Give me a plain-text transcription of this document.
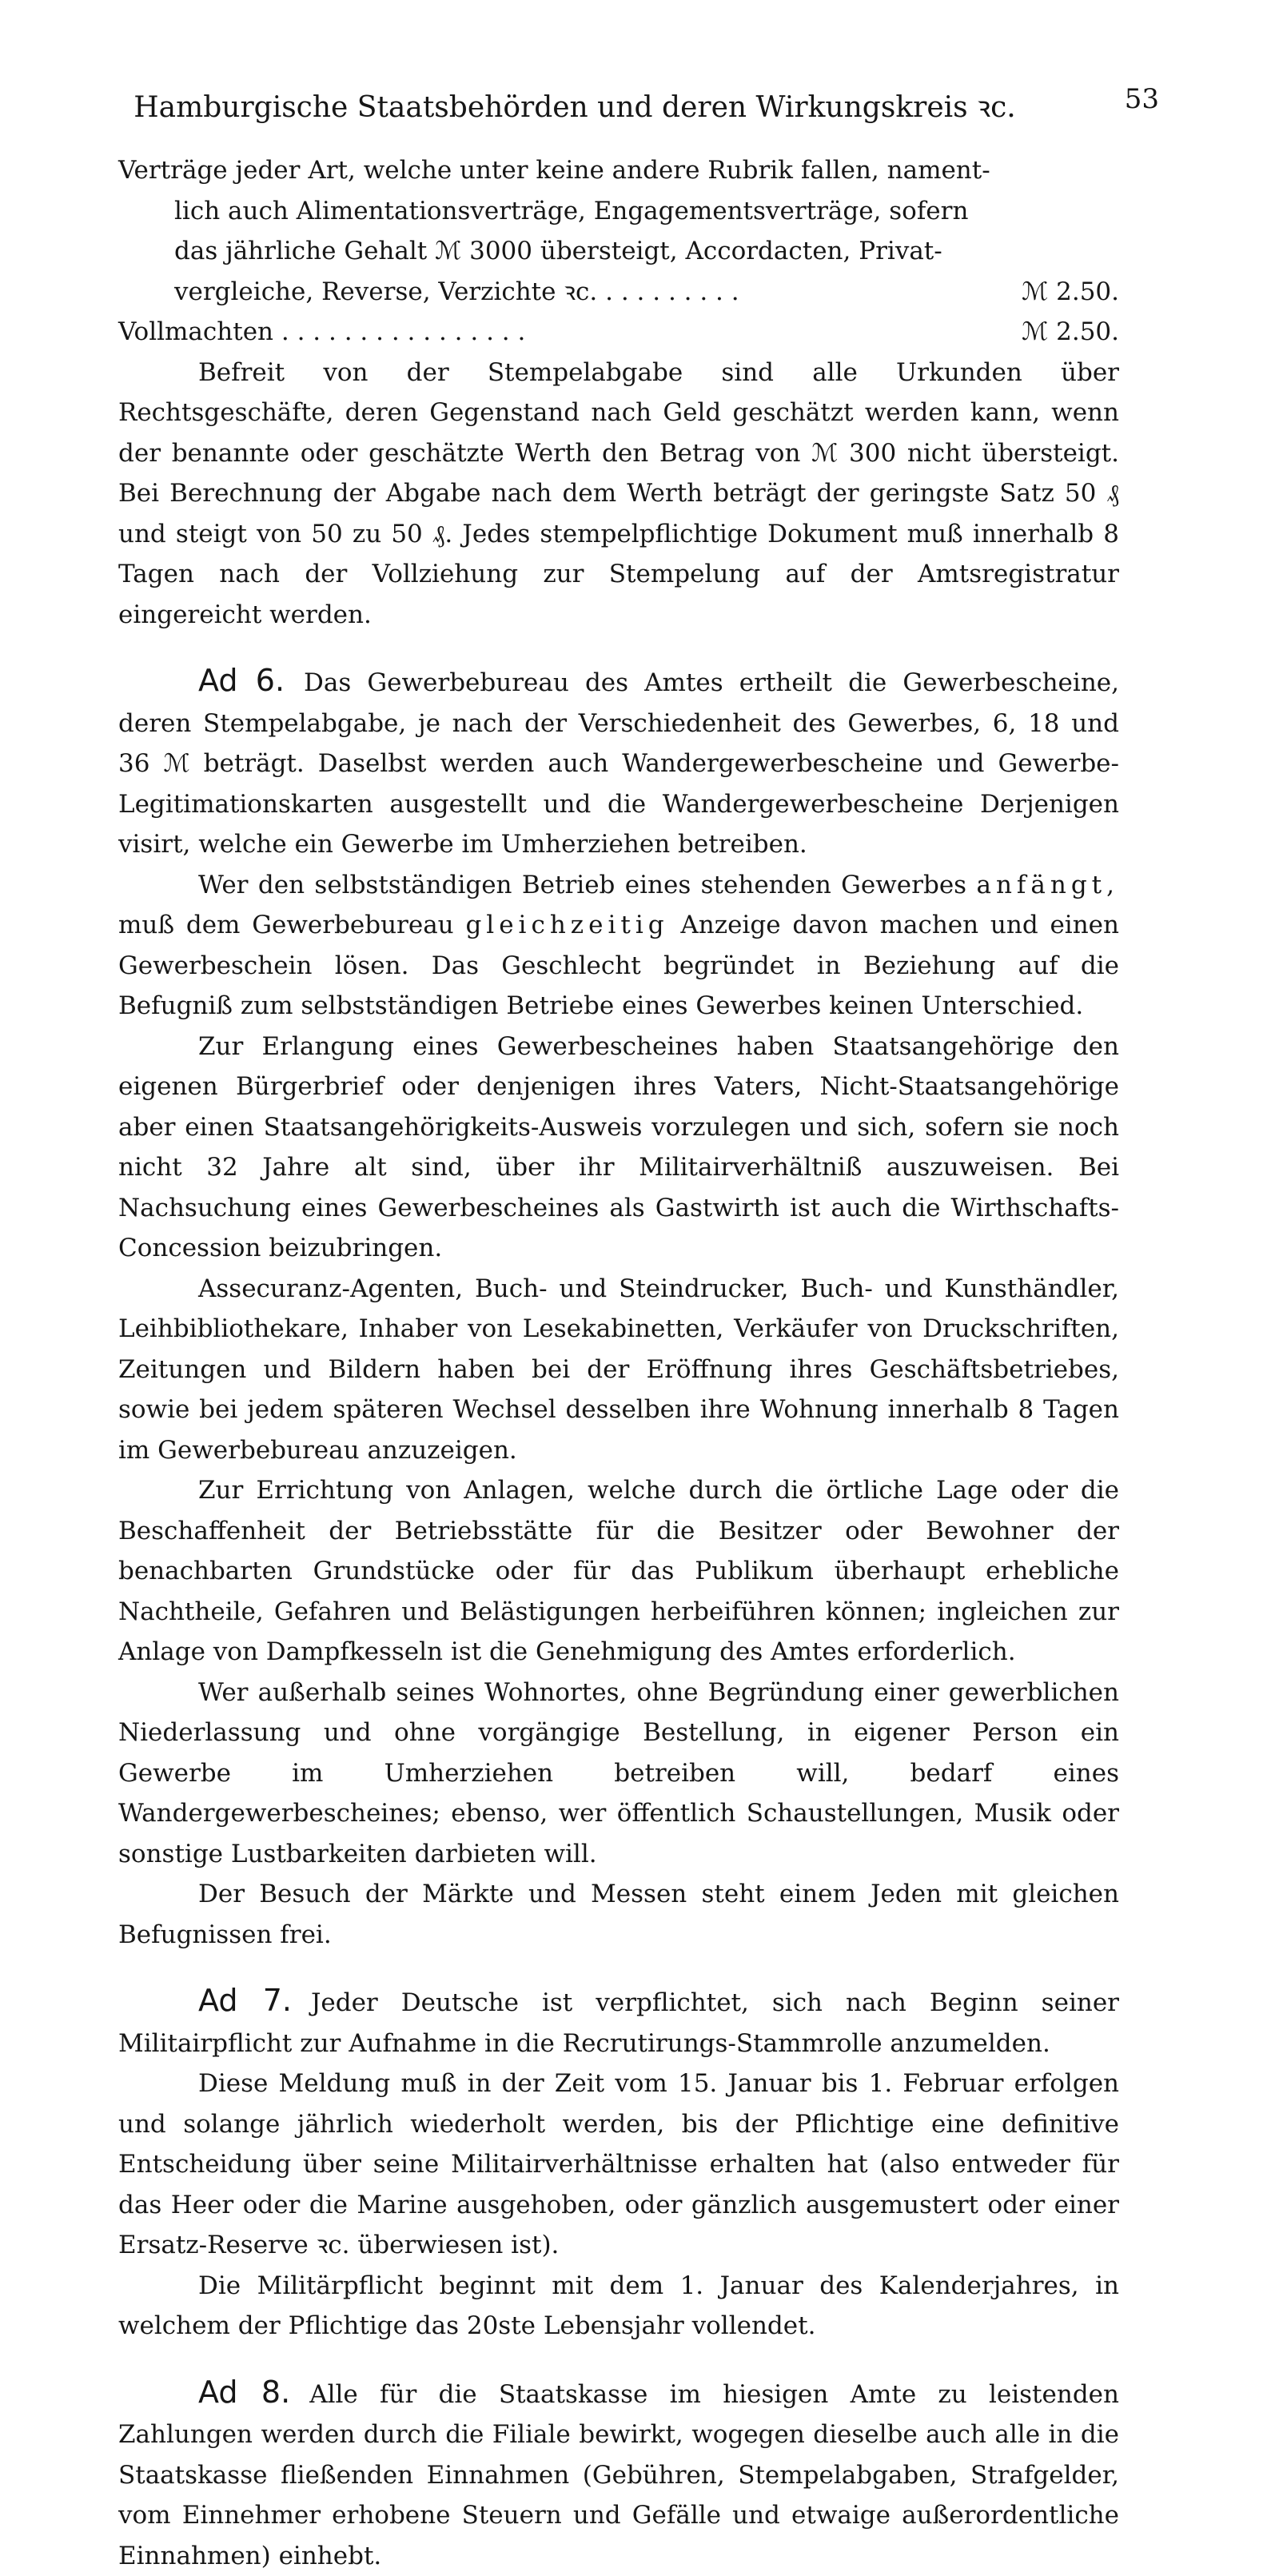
Hamburgische Staatsbehörden und deren Wirkungskreis ꝛc.	53
Verträge jeder Art, welche unter keine andere Rubrik fallen, nament-
lich auch Alimentationsverträge, Engagementsverträge, sofern
das jährliche Gehalt ℳ 3000 übersteigt, Accordacten, Privat-
vergleiche, Reverse, Verzichte ꝛc. . . . . . . . . .	ℳ 2.50.
Vollmachten . . . . . . . . . . . . . . . .	ℳ 2.50.

Befreit von der Stempelabgabe sind alle Urkunden über Rechtsgeschäfte, deren Gegenstand nach Geld geschätzt werden kann, wenn der benannte oder geschätzte Werth den Betrag von ℳ 300 nicht übersteigt. Bei Berechnung der Abgabe nach dem Werth beträgt der geringste Satz 50 ₰ und steigt von 50 zu 50 ₰. Jedes stempelpflichtige Dokument muß innerhalb 8 Tagen nach der Vollziehung zur Stempelung auf der Amtsregistratur eingereicht werden.

Ad 6. Das Gewerbebureau des Amtes ertheilt die Gewerbescheine, deren Stempelabgabe, je nach der Verschiedenheit des Gewerbes, 6, 18 und 36 ℳ beträgt. Daselbst werden auch Wandergewerbescheine und Gewerbe-Legitimationskarten ausgestellt und die Wandergewerbescheine Derjenigen visirt, welche ein Gewerbe im Umherziehen betreiben.

Wer den selbstständigen Betrieb eines stehenden Gewerbes anfängt, muß dem Gewerbebureau gleichzeitig Anzeige davon machen und einen Gewerbeschein lösen. Das Geschlecht begründet in Beziehung auf die Befugniß zum selbstständigen Betriebe eines Gewerbes keinen Unterschied.

Zur Erlangung eines Gewerbescheines haben Staatsangehörige den eigenen Bürgerbrief oder denjenigen ihres Vaters, Nicht-Staatsangehörige aber einen Staatsangehörigkeits-Ausweis vorzulegen und sich, sofern sie noch nicht 32 Jahre alt sind, über ihr Militairverhältniß auszuweisen. Bei Nachsuchung eines Gewerbescheines als Gastwirth ist auch die Wirthschafts-Concession beizubringen.

Assecuranz-Agenten, Buch- und Steindrucker, Buch- und Kunsthändler, Leihbibliothekare, Inhaber von Lesekabinetten, Verkäufer von Druckschriften, Zeitungen und Bildern haben bei der Eröffnung ihres Geschäftsbetriebes, sowie bei jedem späteren Wechsel desselben ihre Wohnung innerhalb 8 Tagen im Gewerbebureau anzuzeigen.

Zur Errichtung von Anlagen, welche durch die örtliche Lage oder die Beschaffenheit der Betriebsstätte für die Besitzer oder Bewohner der benachbarten Grundstücke oder für das Publikum überhaupt erhebliche Nachtheile, Gefahren und Belästigungen herbeiführen können; ingleichen zur Anlage von Dampfkesseln ist die Genehmigung des Amtes erforderlich.

Wer außerhalb seines Wohnortes, ohne Begründung einer gewerblichen Niederlassung und ohne vorgängige Bestellung, in eigener Person ein Gewerbe im Umherziehen betreiben will, bedarf eines Wandergewerbescheines; ebenso, wer öffentlich Schaustellungen, Musik oder sonstige Lustbarkeiten darbieten will.

Der Besuch der Märkte und Messen steht einem Jeden mit gleichen Befugnissen frei.

Ad 7. Jeder Deutsche ist verpflichtet, sich nach Beginn seiner Militairpflicht zur Aufnahme in die Recrutirungs-Stammrolle anzumelden.

Diese Meldung muß in der Zeit vom 15. Januar bis 1. Februar erfolgen und solange jährlich wiederholt werden, bis der Pflichtige eine definitive Entscheidung über seine Militairverhältnisse erhalten hat (also entweder für das Heer oder die Marine ausgehoben, oder gänzlich ausgemustert oder einer Ersatz-Reserve ꝛc. überwiesen ist).

Die Militärpflicht beginnt mit dem 1. Januar des Kalenderjahres, in welchem der Pflichtige das 20ste Lebensjahr vollendet.

Ad 8. Alle für die Staatskasse im hiesigen Amte zu leistenden Zahlungen werden durch die Filiale bewirkt, wogegen dieselbe auch alle in die Staatskasse fließenden Einnahmen (Gebühren, Stempelabgaben, Strafgelder, vom Einnehmer erhobene Steuern und Gefälle und etwaige außerordentliche Einnahmen) einhebt.
